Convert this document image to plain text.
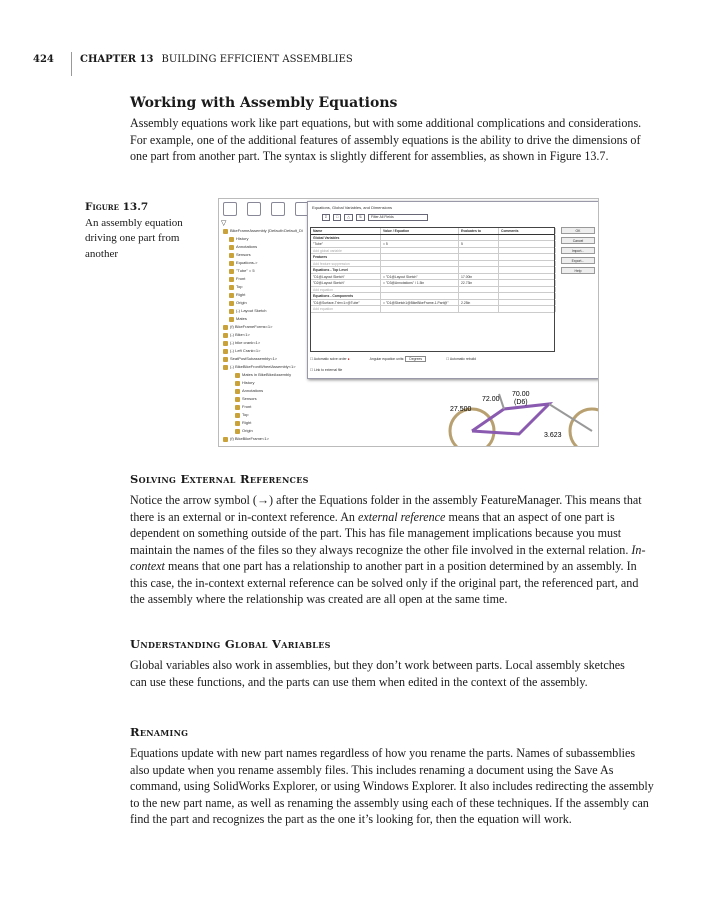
424	CHAPTER 13 BUILDING EFFICIENT ASSEMBLIES
Working with Assembly Equations
Assembly equations work like part equations, but with some additional complications and considerations. For example, one of the additional features of assembly equations is the ability to drive the dimensions of one part from another part. The syntax is slightly different for assemblies, as shown in Figure 13.7.
Figure 13.7

An assembly equation driving one part from another
▽
BikeFrameAssembly (Default<Default_Di
History
Annotations
Sensors
Equations->
"Tube" = 5
Front
Top
Right
Origin
(-) Layout Sketch
Mates
(f) BikeFrameForms<1>
(-) Bike<1>
(-) bike crank<1>
(-) Left Crank<1>
SeatPostSubassembly<1>
(-) BikeBikeFrontWheelAssembly<1>
Mates in BikeBikeAssembly
History
Annotations
Sensors
Front
Top
Right
Origin
(f) BikeBikeFrame<1>
Equations, Global Variables, and Dimensions
Σ	□	△	⇅	Filter All Fields
Name	Value / Equation	Evaluates to	Comments
Global Variables
"Tube"	= 5	5
Add global variable
Features
Add feature suppression
Equations - Top Level
"D1@Layout Sketch"	= "D1@Layout Sketch"	17.00in
"D2@Layout Sketch"	= "D3@Annotations" / 1.5in	22.73in
Add equation
Equations - Components
"D1@Surface-Trim<1>@Tube"	= "D1@Sketch1@BikeBikeFrame-1.Part@"	2.25in
Add equation
OK
Cancel
Import...
Export...
Help
☐ Automatic solve order ●	Angular equation units: Degrees	☐ Automatic rebuild
☐ Link to external file
27.500
72.00
70.00
(D6)
3.623
Solving External References
Notice the arrow symbol (→) after the Equations folder in the assembly FeatureManager. This means that there is an external or in-context reference. An external reference means that an aspect of one part is dependent on something outside of the part. This has file management implications because you must maintain the names of the files so they always recognize the other file involved in the external relation. In-context means that one part has a relationship to another part in a position determined by an assembly. In this case, the in-context external reference can be solved only if the original part, the referenced part, and the assembly where the relationship was created are all open at the same time.
Understanding Global Variables
Global variables also work in assemblies, but they don’t work between parts. Local assembly sketches can use these functions, and the parts can use them when edited in the context of the assembly.
Renaming
Equations update with new part names regardless of how you rename the parts. Names of subassemblies also update when you rename assembly files. This includes renaming a document using the Save As command, using SolidWorks Explorer, or using Windows Explorer. It also includes redirecting the assembly to the new part name, as well as renaming the assembly using each of these techniques. If the assembly can find the part and recognizes the part as the one it’s looking for, then the equation will work.
